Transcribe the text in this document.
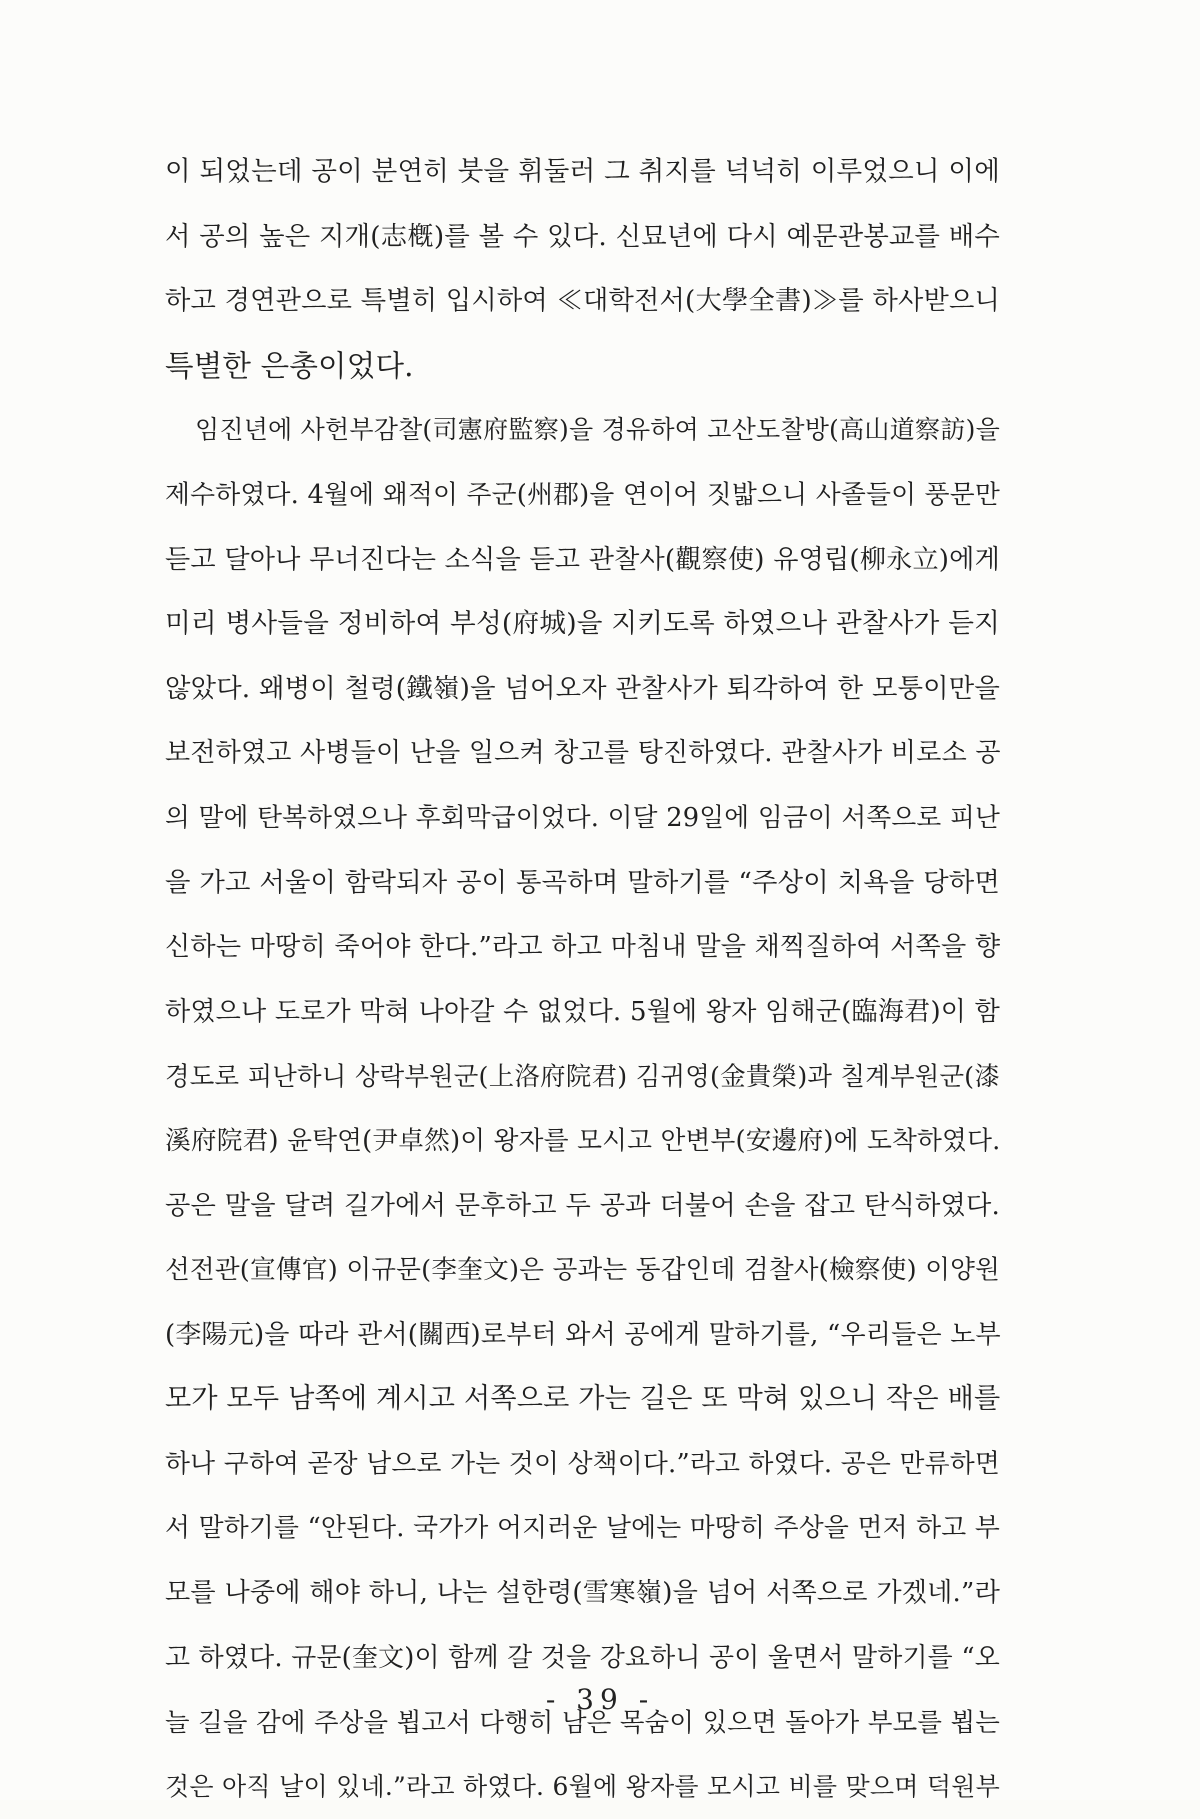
이 되었는데 공이 분연히 붓을 휘둘러 그 취지를 넉넉히 이루었으니 이에
서 공의 높은 지개(志槪)를 볼 수 있다. 신묘년에 다시 예문관봉교를 배수
하고 경연관으로 특별히 입시하여 ≪대학전서(大學全書)≫를 하사받으니
특별한 은총이었다.
임진년에 사헌부감찰(司憲府監察)을 경유하여 고산도찰방(高山道察訪)을
제수하였다. 4월에 왜적이 주군(州郡)을 연이어 짓밟으니 사졸들이 풍문만
듣고 달아나 무너진다는 소식을 듣고 관찰사(觀察使) 유영립(柳永立)에게
미리 병사들을 정비하여 부성(府城)을 지키도록 하였으나 관찰사가 듣지
않았다. 왜병이 철령(鐵嶺)을 넘어오자 관찰사가 퇴각하여 한 모퉁이만을
보전하였고 사병들이 난을 일으켜 창고를 탕진하였다. 관찰사가 비로소 공
의 말에 탄복하였으나 후회막급이었다. 이달 29일에 임금이 서쪽으로 피난
을 가고 서울이 함락되자 공이 통곡하며 말하기를 “주상이 치욕을 당하면
신하는 마땅히 죽어야 한다.”라고 하고 마침내 말을 채찍질하여 서쪽을 향
하였으나 도로가 막혀 나아갈 수 없었다. 5월에 왕자 임해군(臨海君)이 함
경도로 피난하니 상락부원군(上洛府院君) 김귀영(金貴榮)과 칠계부원군(漆
溪府院君) 윤탁연(尹卓然)이 왕자를 모시고 안변부(安邊府)에 도착하였다.
공은 말을 달려 길가에서 문후하고 두 공과 더불어 손을 잡고 탄식하였다.
선전관(宣傳官) 이규문(李奎文)은 공과는 동갑인데 검찰사(檢察使) 이양원
(李陽元)을 따라 관서(關西)로부터 와서 공에게 말하기를, “우리들은 노부
모가 모두 남쪽에 계시고 서쪽으로 가는 길은 또 막혀 있으니 작은 배를
하나 구하여 곧장 남으로 가는 것이 상책이다.”라고 하였다. 공은 만류하면
서 말하기를 “안된다. 국가가 어지러운 날에는 마땅히 주상을 먼저 하고 부
모를 나중에 해야 하니, 나는 설한령(雪寒嶺)을 넘어 서쪽으로 가겠네.”라
고 하였다. 규문(奎文)이 함께 갈 것을 강요하니 공이 울면서 말하기를 “오
늘 길을 감에 주상을 뵙고서 다행히 남은 목숨이 있으면 돌아가 부모를 뵙는
것은 아직 날이 있네.”라고 하였다. 6월에 왕자를 모시고 비를 맞으며 덕원부
- 39 -
